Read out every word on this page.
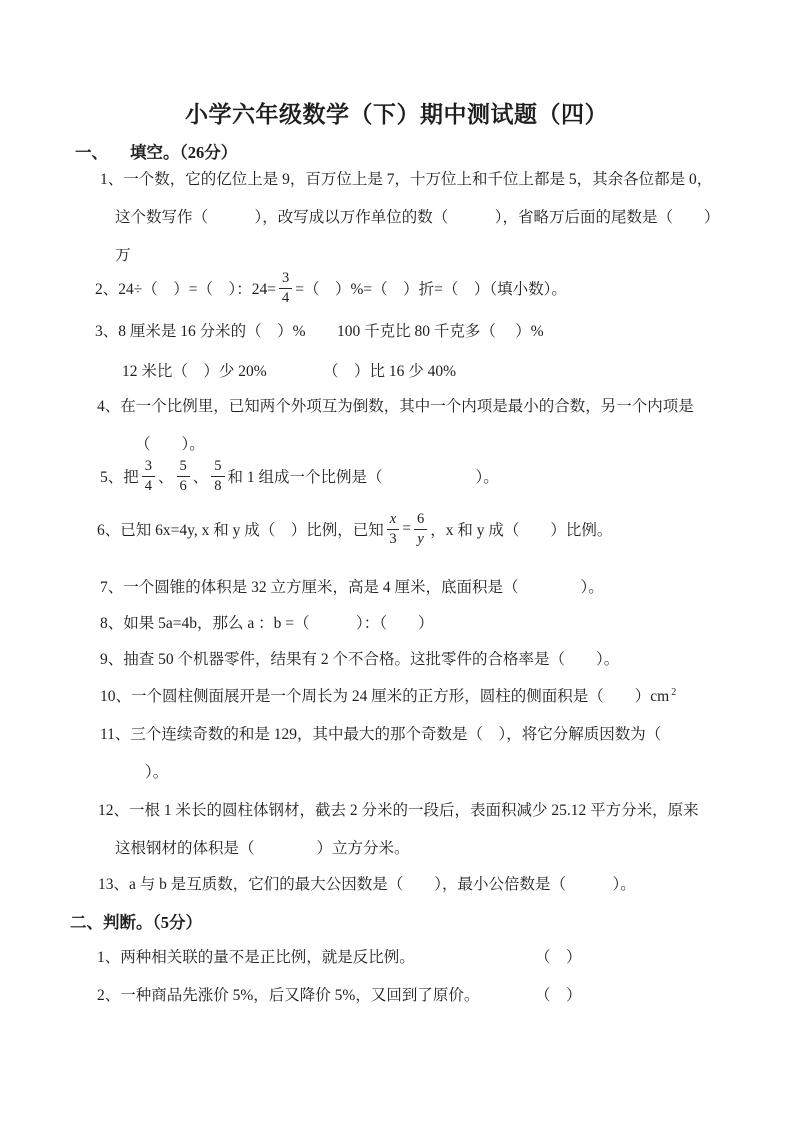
小学六年级数学（下）期中测试题（四）
一、 填空。（26分）
1、一个数，它的亿位上是 9，百万位上是 7，十万位上和千位上都是 5，其余各位都是 0，
这个数写作（　　　），改写成以万作单位的数（　　　），省略万后面的尾数是（　　）
万
2、24÷（　）=（　）：$24= \frac{3}{4}$ =（　）%=（　）折=（　）（填小数）。
3、8 厘米是 16 分米的（　）% 100 千克比 80 千克多（　 ）%
12 米比（　）少 20%	（　）比 16 少 40%
4、在一个比例里，已知两个外项互为倒数，其中一个内项是最小的合数，另一个内项是
（　　）。
5、把 $\frac{3}{4}$ 、 $\frac{5}{6}$ 、 $\frac{5}{8}$ 和 1 组成一个比例是（　　　　　　）。
6、已知 6x=4y, x 和 y 成（　）比例，已知 $\frac{x}{3} = \frac{6}{y}$ ，x 和 y 成（　　）比例。
7、一个圆锥的体积是 32 立方厘米，高是 4 厘米，底面积是（　　　　）。
8、如果 5a=4b，那么 a ：b =（　　　）：（　　）
9、抽查 50 个机器零件，结果有 2 个不合格。这批零件的合格率是（　　）。
10、一个圆柱侧面展开是一个周长为 24 厘米的正方形，圆柱的侧面积是（　　）cm $^2$
11、三个连续奇数的和是 129，其中最大的那个奇数是（　），将它分解质因数为（
）。
12、一根 1 米长的圆柱体钢材，截去 2 分米的一段后，表面积减少 25.12 平方分米，原来
这根钢材的体积是（　　　　）立方分米。
13、a 与 b 是互质数，它们的最大公因数是（　　），最小公倍数是（　　　）。
二、判断。（5分）
1、两种相关联的量不是正比例，就是反比例。	（　）
2、一种商品先涨价 5%，后又降价 5%，又回到了原价。	（　）
